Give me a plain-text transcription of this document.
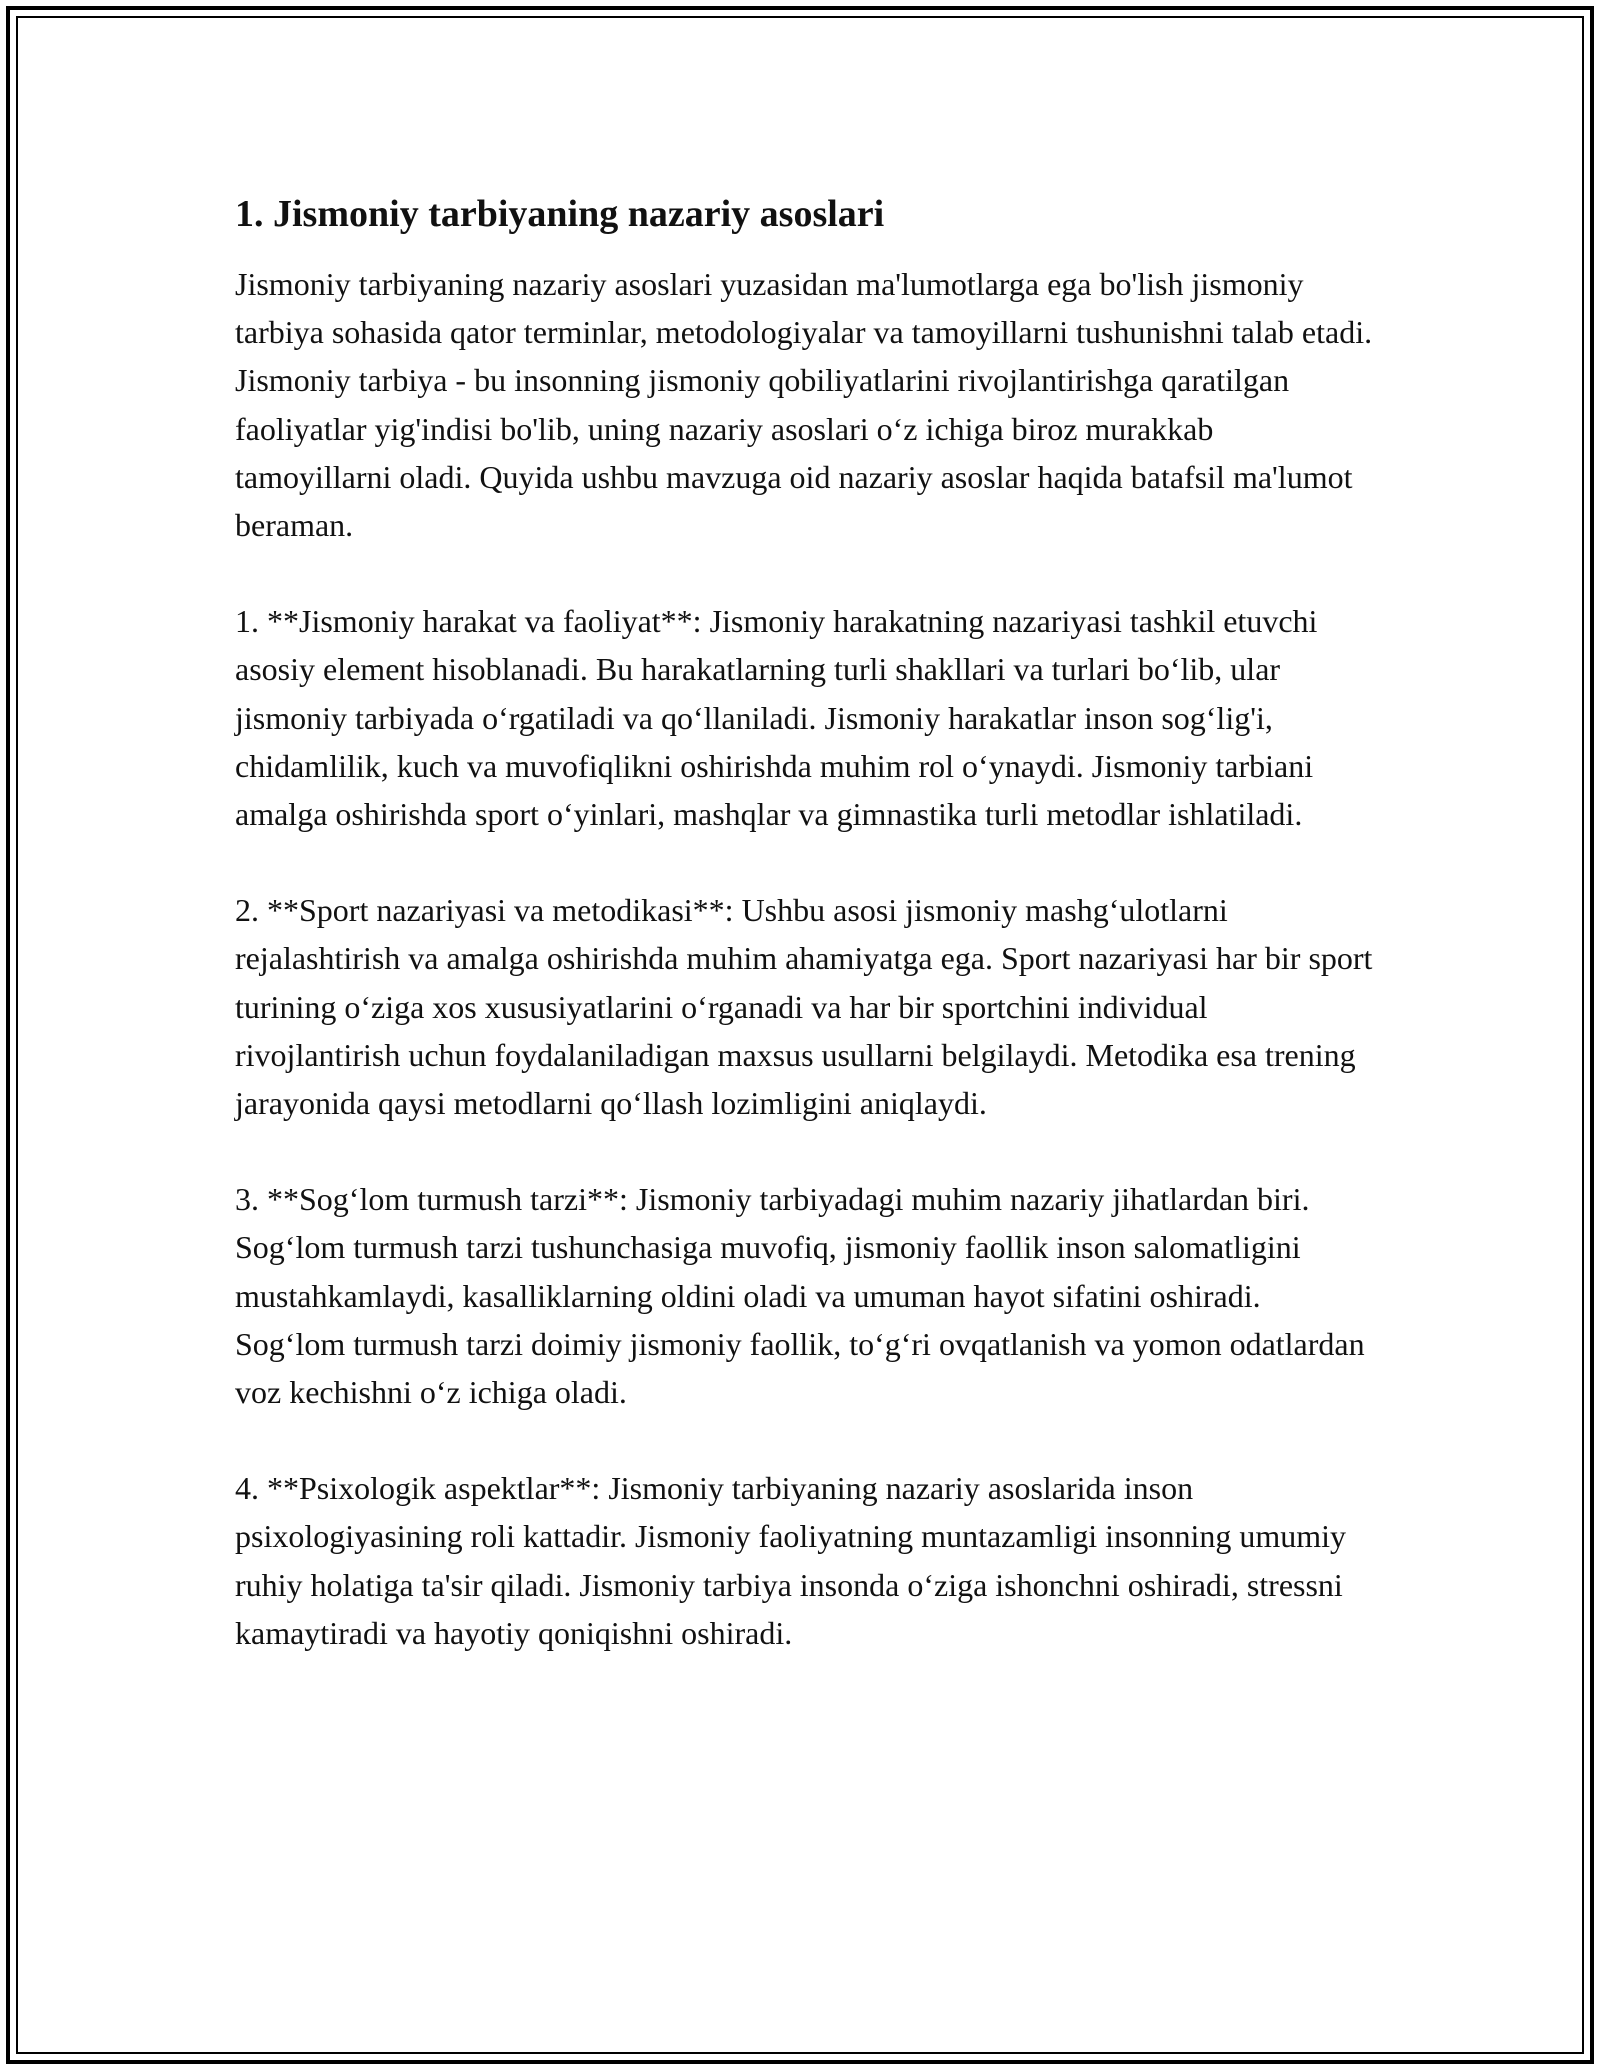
1. Jismoniy tarbiyaning nazariy asoslari

Jismoniy tarbiyaning nazariy asoslari yuzasidan ma'lumotlarga ega bo'lish jismoniy tarbiya sohasida qator terminlar, metodologiyalar va tamoyillarni tushunishni talab etadi. Jismoniy tarbiya - bu insonning jismoniy qobiliyatlarini rivojlantirishga qaratilgan faoliyatlar yig'indisi bo'lib, uning nazariy asoslari o‘z ichiga biroz murakkab tamoyillarni oladi. Quyida ushbu mavzuga oid nazariy asoslar haqida batafsil ma'lumot beraman.

1. **Jismoniy harakat va faoliyat**: Jismoniy harakatning nazariyasi tashkil etuvchi asosiy element hisoblanadi. Bu harakatlarning turli shakllari va turlari bo‘lib, ular jismoniy tarbiyada o‘rgatiladi va qo‘llaniladi. Jismoniy harakatlar inson sog‘lig'i, chidamlilik, kuch va muvofiqlikni oshirishda muhim rol o‘ynaydi. Jismoniy tarbiani amalga oshirishda sport o‘yinlari, mashqlar va gimnastika turli metodlar ishlatiladi.

2. **Sport nazariyasi va metodikasi**: Ushbu asosi jismoniy mashg‘ulotlarni rejalashtirish va amalga oshirishda muhim ahamiyatga ega. Sport nazariyasi har bir sport turining o‘ziga xos xususiyatlarini o‘rganadi va har bir sportchini individual rivojlantirish uchun foydalaniladigan maxsus usullarni belgilaydi. Metodika esa trening jarayonida qaysi metodlarni qo‘llash lozimligini aniqlaydi.

3. **Sog‘lom turmush tarzi**: Jismoniy tarbiyadagi muhim nazariy jihatlardan biri. Sog‘lom turmush tarzi tushunchasiga muvofiq, jismoniy faollik inson salomatligini mustahkamlaydi, kasalliklarning oldini oladi va umuman hayot sifatini oshiradi. Sog‘lom turmush tarzi doimiy jismoniy faollik, to‘g‘ri ovqatlanish va yomon odatlardan voz kechishni o‘z ichiga oladi.

4. **Psixologik aspektlar**: Jismoniy tarbiyaning nazariy asoslarida inson psixologiyasining roli kattadir. Jismoniy faoliyatning muntazamligi insonning umumiy ruhiy holatiga ta'sir qiladi. Jismoniy tarbiya insonda o‘ziga ishonchni oshiradi, stressni kamaytiradi va hayotiy qoniqishni oshiradi.
